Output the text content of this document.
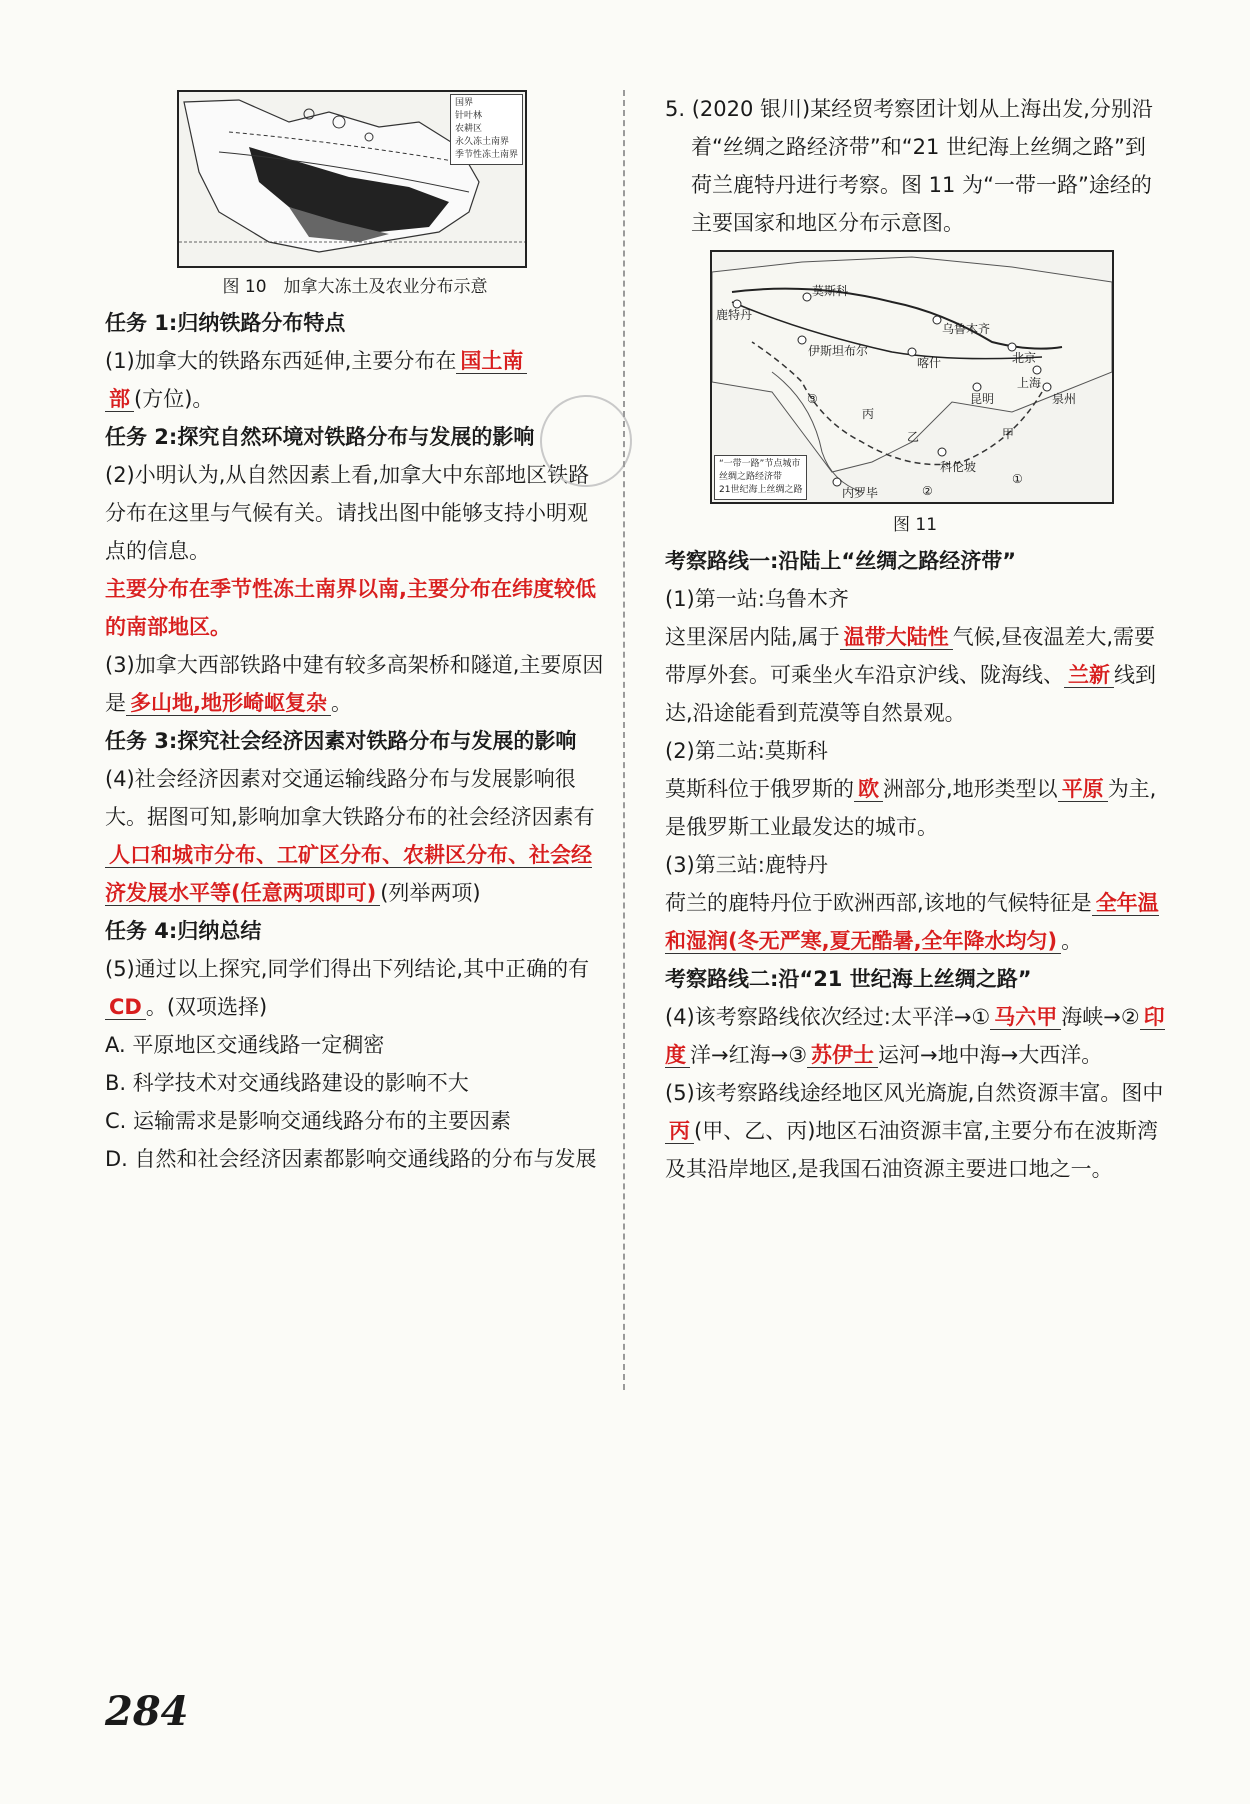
国界
针叶林
农耕区
永久冻土南界
季节性冻土南界
图 10　加拿大冻土及农业分布示意

任务 1:归纳铁路分布特点

(1)加拿大的铁路东西延伸,主要分布在 国土南
部 (方位)。

任务 2:探究自然环境对铁路分布与发展的影响

(2)小明认为,从自然因素上看,加拿大中东部地区铁路分布在这里与气候有关。请找出图中能够支持小明观点的信息。

主要分布在季节性冻土南界以南,主要分布在纬度较低的南部地区。

(3)加拿大西部铁路中建有较多高架桥和隧道,主要原因是 多山地,地形崎岖复杂 。

任务 3:探究社会经济因素对铁路分布与发展的影响

(4)社会经济因素对交通运输线路分布与发展影响很大。据图可知,影响加拿大铁路分布的社会经济因素有人口和城市分布、工矿区分布、农耕区分布、社会经济发展水平等(任意两项即可) (列举两项)

任务 4:归纳总结

(5)通过以上探究,同学们得出下列结论,其中正确的有CD 。(双项选择)

A. 平原地区交通线路一定稠密

B. 科学技术对交通线路建设的影响不大

C. 运输需求是影响交通线路分布的主要因素

D. 自然和社会经济因素都影响交通线路的分布与发展

5. (2020 银川)某经贸考察团计划从上海出发,分别沿着“丝绸之路经济带”和“21 世纪海上丝绸之路”到荷兰鹿特丹进行考察。图 11 为“一带一路”途经的主要国家和地区分布示意图。

莫斯科
鹿特丹
伊斯坦布尔
乌鲁木齐
北京
喀什
上海
泉州
昆明
甲
乙
丙
科伦坡
内罗毕
①
②
③
“一带一路”节点城市
丝绸之路经济带
21世纪海上丝绸之路
图 11

考察路线一:沿陆上“丝绸之路经济带”

(1)第一站:乌鲁木齐

这里深居内陆,属于 温带大陆性 气候,昼夜温差大,需要带厚外套。可乘坐火车沿京沪线、陇海线、 兰新 线到达,沿途能看到荒漠等自然景观。

(2)第二站:莫斯科

莫斯科位于俄罗斯的 欧 洲部分,地形类型以 平原 为主,是俄罗斯工业最发达的城市。

(3)第三站:鹿特丹

荷兰的鹿特丹位于欧洲西部,该地的气候特征是 全年温和湿润(冬无严寒,夏无酷暑,全年降水均匀) 。

考察路线二:沿“21 世纪海上丝绸之路”

(4)该考察路线依次经过:太平洋→① 马六甲 海峡→② 印度 洋→红海→③ 苏伊士 运河→地中海→大西洋。

(5)该考察路线途经地区风光旖旎,自然资源丰富。图中丙 (甲、乙、丙)地区石油资源丰富,主要分布在波斯湾及其沿岸地区,是我国石油资源主要进口地之一。

284
